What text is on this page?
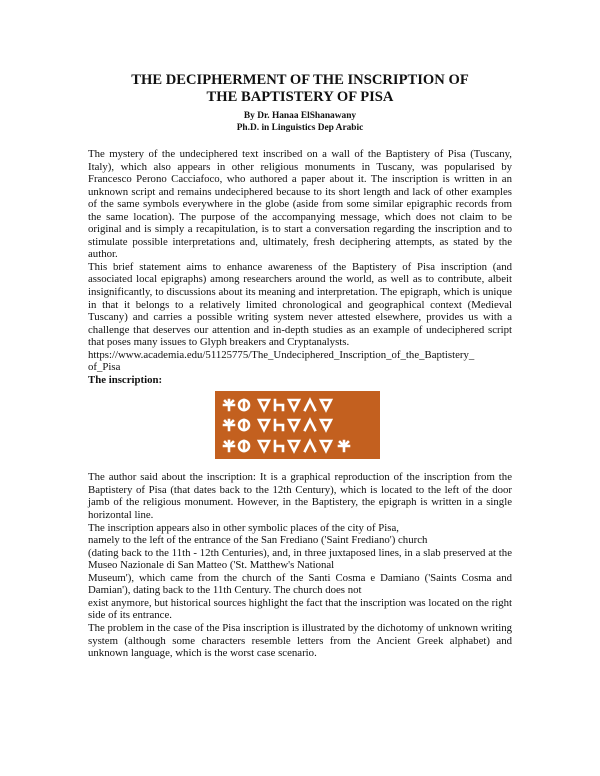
THE DECIPHERMENT OF THE INSCRIPTION OF
THE BAPTISTERY OF PISA
By Dr. Hanaa ElShanawany
Ph.D. in Linguistics Dep Arabic

The mystery of the undeciphered text inscribed on a wall of the Baptistery of Pisa (Tuscany, Italy), which also appears in other religious monuments in Tuscany, was popularised by Francesco Perono Cacciafoco, who authored a paper about it. The inscription is written in an unknown script and remains undeciphered because to its short length and lack of other examples of the same symbols everywhere in the globe (aside from some similar epigraphic records from the same location). The purpose of the accompanying message, which does not claim to be original and is simply a recapitulation, is to start a conversation regarding the inscription and to stimulate possible interpretations and, ultimately, fresh deciphering attempts, as stated by the author.

This brief statement aims to enhance awareness of the Baptistery of Pisa inscription (and associated local epigraphs) among researchers around the world, as well as to contribute, albeit insignificantly, to discussions about its meaning and interpretation. The epigraph, which is unique in that it belongs to a relatively limited chronological and geographical context (Medieval Tuscany) and carries a possible writing system never attested elsewhere, provides us with a challenge that deserves our attention and in-depth studies as an example of undeciphered script that poses many issues to Glyph breakers and Cryptanalysts.

https://www.academia.edu/51125775/The_Undeciphered_Inscription_of_the_Baptistery_
of_Pisa

The inscription:

The author said about the inscription: It is a graphical reproduction of the inscription from the Baptistery of Pisa (that dates back to the 12th Century), which is located to the left of the door jamb of the religious monument. However, in the Baptistery, the epigraph is written in a single horizontal line.

The inscription appears also in other symbolic places of the city of Pisa,

namely to the left of the entrance of the San Frediano ('Saint Frediano') church

(dating back to the 11th - 12th Centuries), and, in three juxtaposed lines, in a slab preserved at the Museo Nazionale di San Matteo ('St. Matthew's National

Museum'), which came from the church of the Santi Cosma e Damiano ('Saints Cosma and Damian'), dating back to the 11th Century. The church does not

exist anymore, but historical sources highlight the fact that the inscription was located on the right side of its entrance.

The problem in the case of the Pisa inscription is illustrated by the dichotomy of unknown writing system (although some characters resemble letters from the Ancient Greek alphabet) and unknown language, which is the worst case scenario.
